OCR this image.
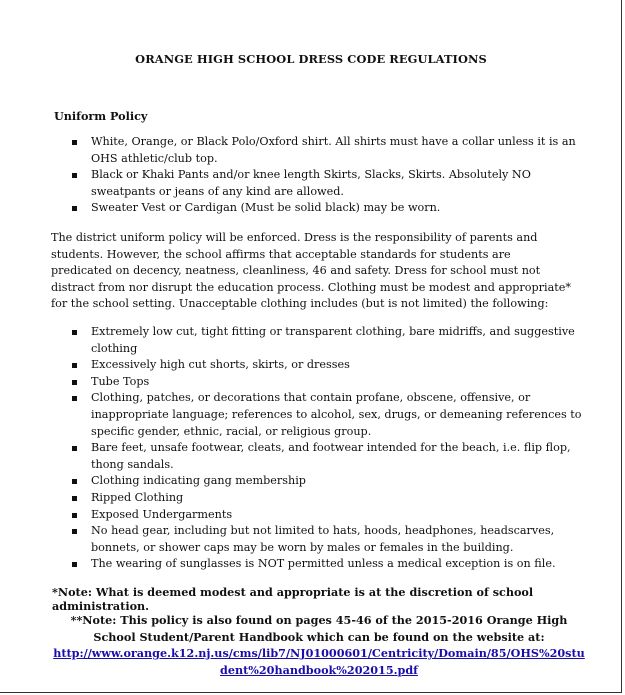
ORANGE HIGH SCHOOL DRESS CODE REGULATIONS
Uniform Policy
White, Orange, or Black Polo/Oxford shirt. All shirts must have a collar unless it is an OHS athletic/club top.
Black or Khaki Pants and/or knee length Skirts, Slacks, Skirts. Absolutely NO sweatpants or jeans of any kind are allowed.
Sweater Vest or Cardigan (Must be solid black) may be worn.

The district uniform policy will be enforced. Dress is the responsibility of parents and students. However, the school affirms that acceptable standards for students are predicated on decency, neatness, cleanliness, 46 and safety. Dress for school must not distract from nor disrupt the education process. Clothing must be modest and appropriate* for the school setting. Unacceptable clothing includes (but is not limited) the following:

Extremely low cut, tight fitting or transparent clothing, bare midriffs, and suggestive clothing
Excessively high cut shorts, skirts, or dresses
Tube Tops
Clothing, patches, or decorations that contain profane, obscene, offensive, or inappropriate language; references to alcohol, sex, drugs, or demeaning references to specific gender, ethnic, racial, or religious group.
Bare feet, unsafe footwear, cleats, and footwear intended for the beach, i.e. flip flop, thong sandals.
Clothing indicating gang membership
Ripped Clothing
Exposed Undergarments
No head gear, including but not limited to hats, hoods, headphones, headscarves, bonnets, or shower caps may be worn by males or females in the building.
The wearing of sunglasses is NOT permitted unless a medical exception is on file.
*Note: What is deemed modest and appropriate is at the discretion of school administration.
**Note: This policy is also found on pages 45-46 of the 2015-2016 Orange High School Student/Parent Handbook which can be found on the website at:
http://www.orange.k12.nj.us/cms/lib7/NJ01000601/Centricity/Domain/85/OHS%20student%20handbook%202015.pdf
